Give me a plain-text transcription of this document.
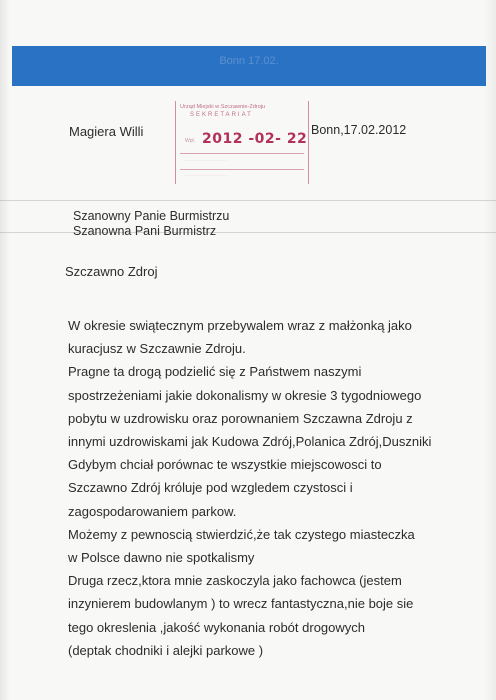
Bonn 17.02.
Magiera Willi	Bonn,17.02.2012
Urząd Miejski w Szczawnie-Zdroju
SEKRETARIAT
Wpł. 2012 -02- 22
· · · · · · · · · · · · · · · ·
· · · · · · · · · · · · · · · ·
Szanowny Panie Burmistrzu
Szanowna Pani Burmistrz
Szczawno Zdroj
W okresie swiątecznym przebywalem wraz z małżonką jako
kuracjusz w Szczawnie Zdroju.
Pragne ta drogą podzielić się z Państwem naszymi
spostrzeżeniami jakie dokonalismy w okresie 3 tygodniowego
pobytu w uzdrowisku oraz porownaniem Szczawna Zdroju z
innymi uzdrowiskami jak Kudowa Zdrój,Polanica Zdrój,Duszniki
Gdybym chciał porównac te wszystkie miejscowosci to
Szczawno Zdrój króluje pod wzgledem czystosci i
zagospodarowaniem parkow.
Możemy z pewnoscią stwierdzić,że tak czystego miasteczka
w Polsce dawno nie spotkalismy
Druga rzecz,ktora mnie zaskoczyla jako fachowca (jestem
inzynierem budowlanym ) to wrecz fantastyczna,nie boje sie
tego okreslenia ,jakość wykonania robót drogowych
(deptak chodniki i alejki parkowe )
